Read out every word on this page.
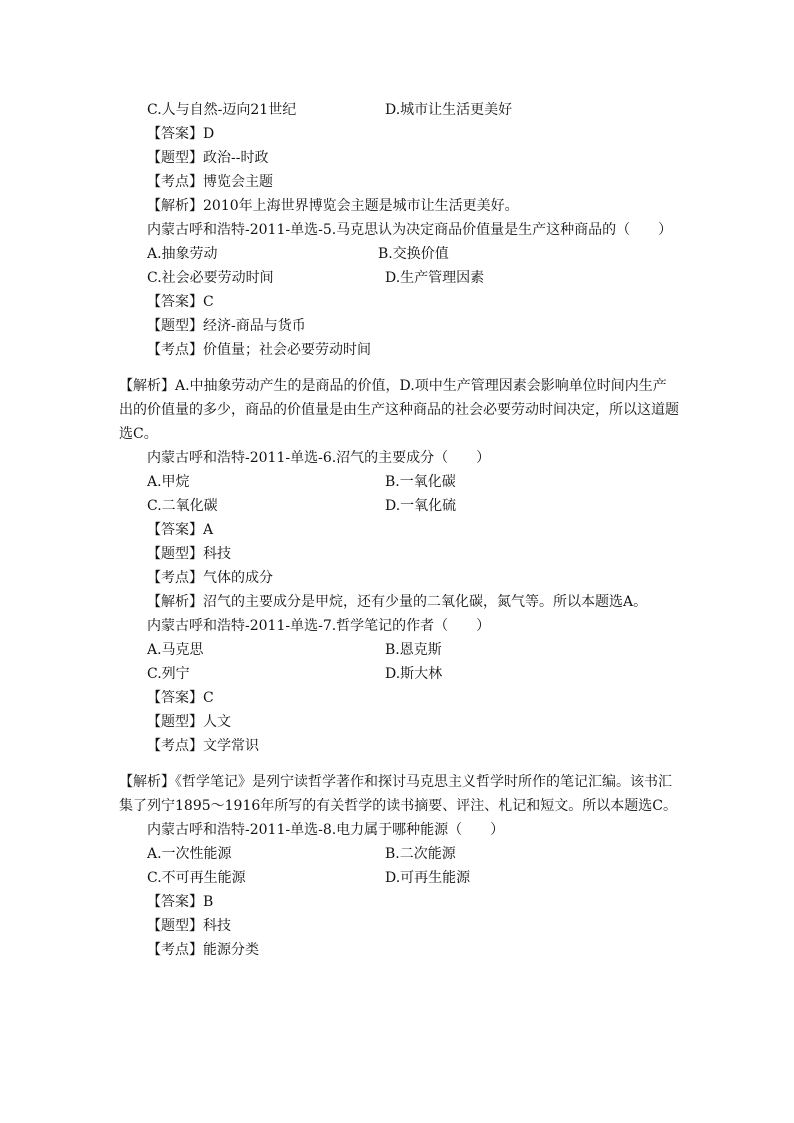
C.人与自然-迈向21世纪	D.城市让生活更美好
【答案】D
【题型】政治--时政
【考点】博览会主题
【解析】2010年上海世界博览会主题是城市让生活更美好。
内蒙古呼和浩特-2011-单选-5.马克思认为决定商品价值量是生产这种商品的（　　）
A.抽象劳动	B.交换价值
C.社会必要劳动时间	D.生产管理因素
【答案】C
【题型】经济-商品与货币
【考点】价值量；社会必要劳动时间
【解析】A.中抽象劳动产生的是商品的价值，D.项中生产管理因素会影响单位时间内生产出的价值量的多少，商品的价值量是由生产这种商品的社会必要劳动时间决定，所以这道题选C。
内蒙古呼和浩特-2011-单选-6.沼气的主要成分（　　）
A.甲烷	B.一氧化碳
C.二氧化碳	D.一氧化硫
【答案】A
【题型】科技
【考点】气体的成分
【解析】沼气的主要成分是甲烷，还有少量的二氧化碳，氮气等。所以本题选A。
内蒙古呼和浩特-2011-单选-7.哲学笔记的作者（　　）
A.马克思	B.恩克斯
C.列宁	D.斯大林
【答案】C
【题型】人文
【考点】文学常识
【解析】《哲学笔记》是列宁读哲学著作和探讨马克思主义哲学时所作的笔记汇编。该书汇集了列宁1895～1916年所写的有关哲学的读书摘要、评注、札记和短文。所以本题选C。
内蒙古呼和浩特-2011-单选-8.电力属于哪种能源（　　）
A.一次性能源	B.二次能源
C.不可再生能源	D.可再生能源
【答案】B
【题型】科技
【考点】能源分类
